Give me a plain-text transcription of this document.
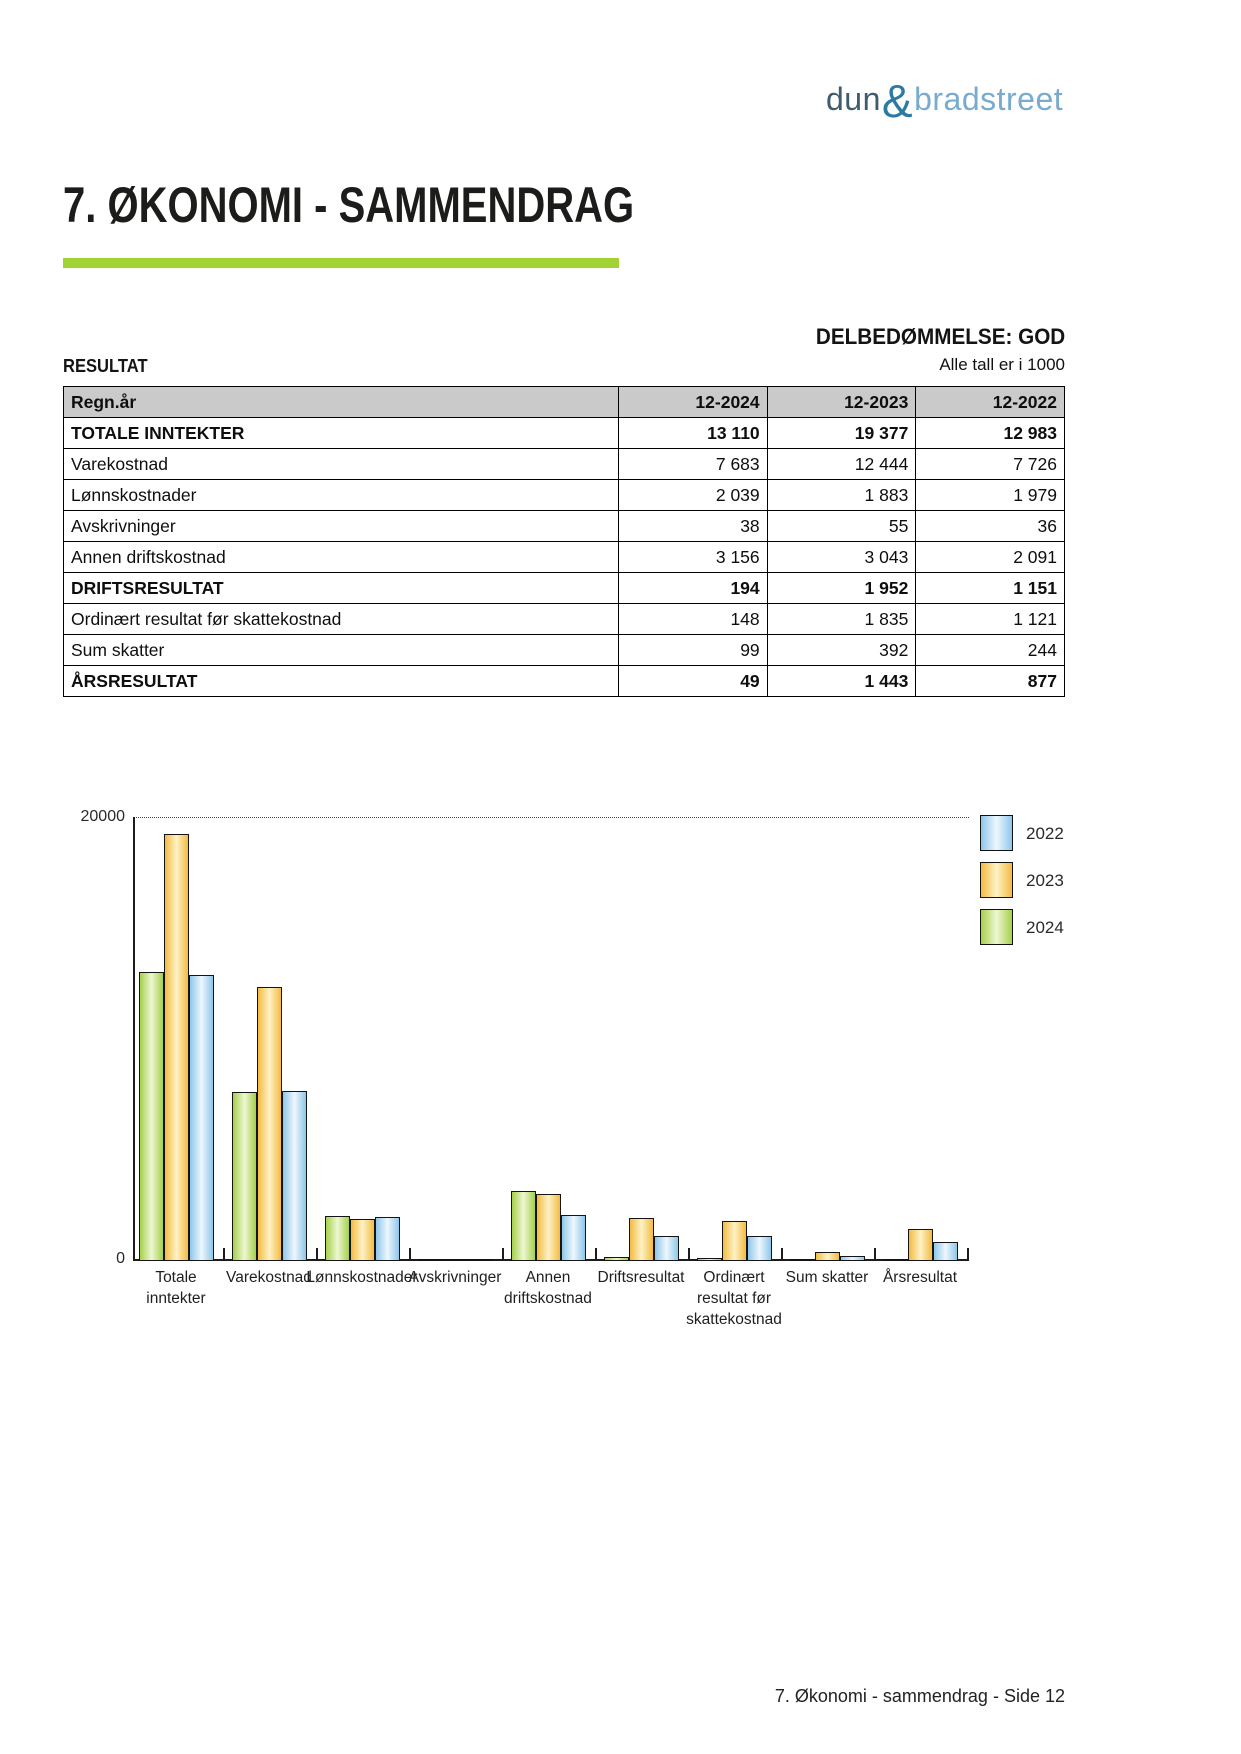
dun&bradstreet
7. ØKONOMI - SAMMENDRAG
DELBEDØMMELSE: GOD
RESULTAT	Alle tall er i 1000
Regn.år	12-2024	12-2023	12-2022
TOTALE INNTEKTER	13 110	19 377	12 983
Varekostnad	7 683	12 444	7 726
Lønnskostnader	2 039	1 883	1 979
Avskrivninger	38	55	36
Annen driftskostnad	3 156	3 043	2 091
DRIFTSRESULTAT	194	1 952	1 151
Ordinært resultat før skattekostnad	148	1 835	1 121
Sum skatter	99	392	244
ÅRSRESULTAT	49	1 443	877
20000
0
Totale
inntekter
Varekostnad
Lønnskostnader
Avskrivninger	Annen
driftskostnad
Driftsresultat	Ordinært
resultat før
skattekostnad
Sum skatter Årsresultat
2022
2023
2024
7. Økonomi - sammendrag - Side 12
